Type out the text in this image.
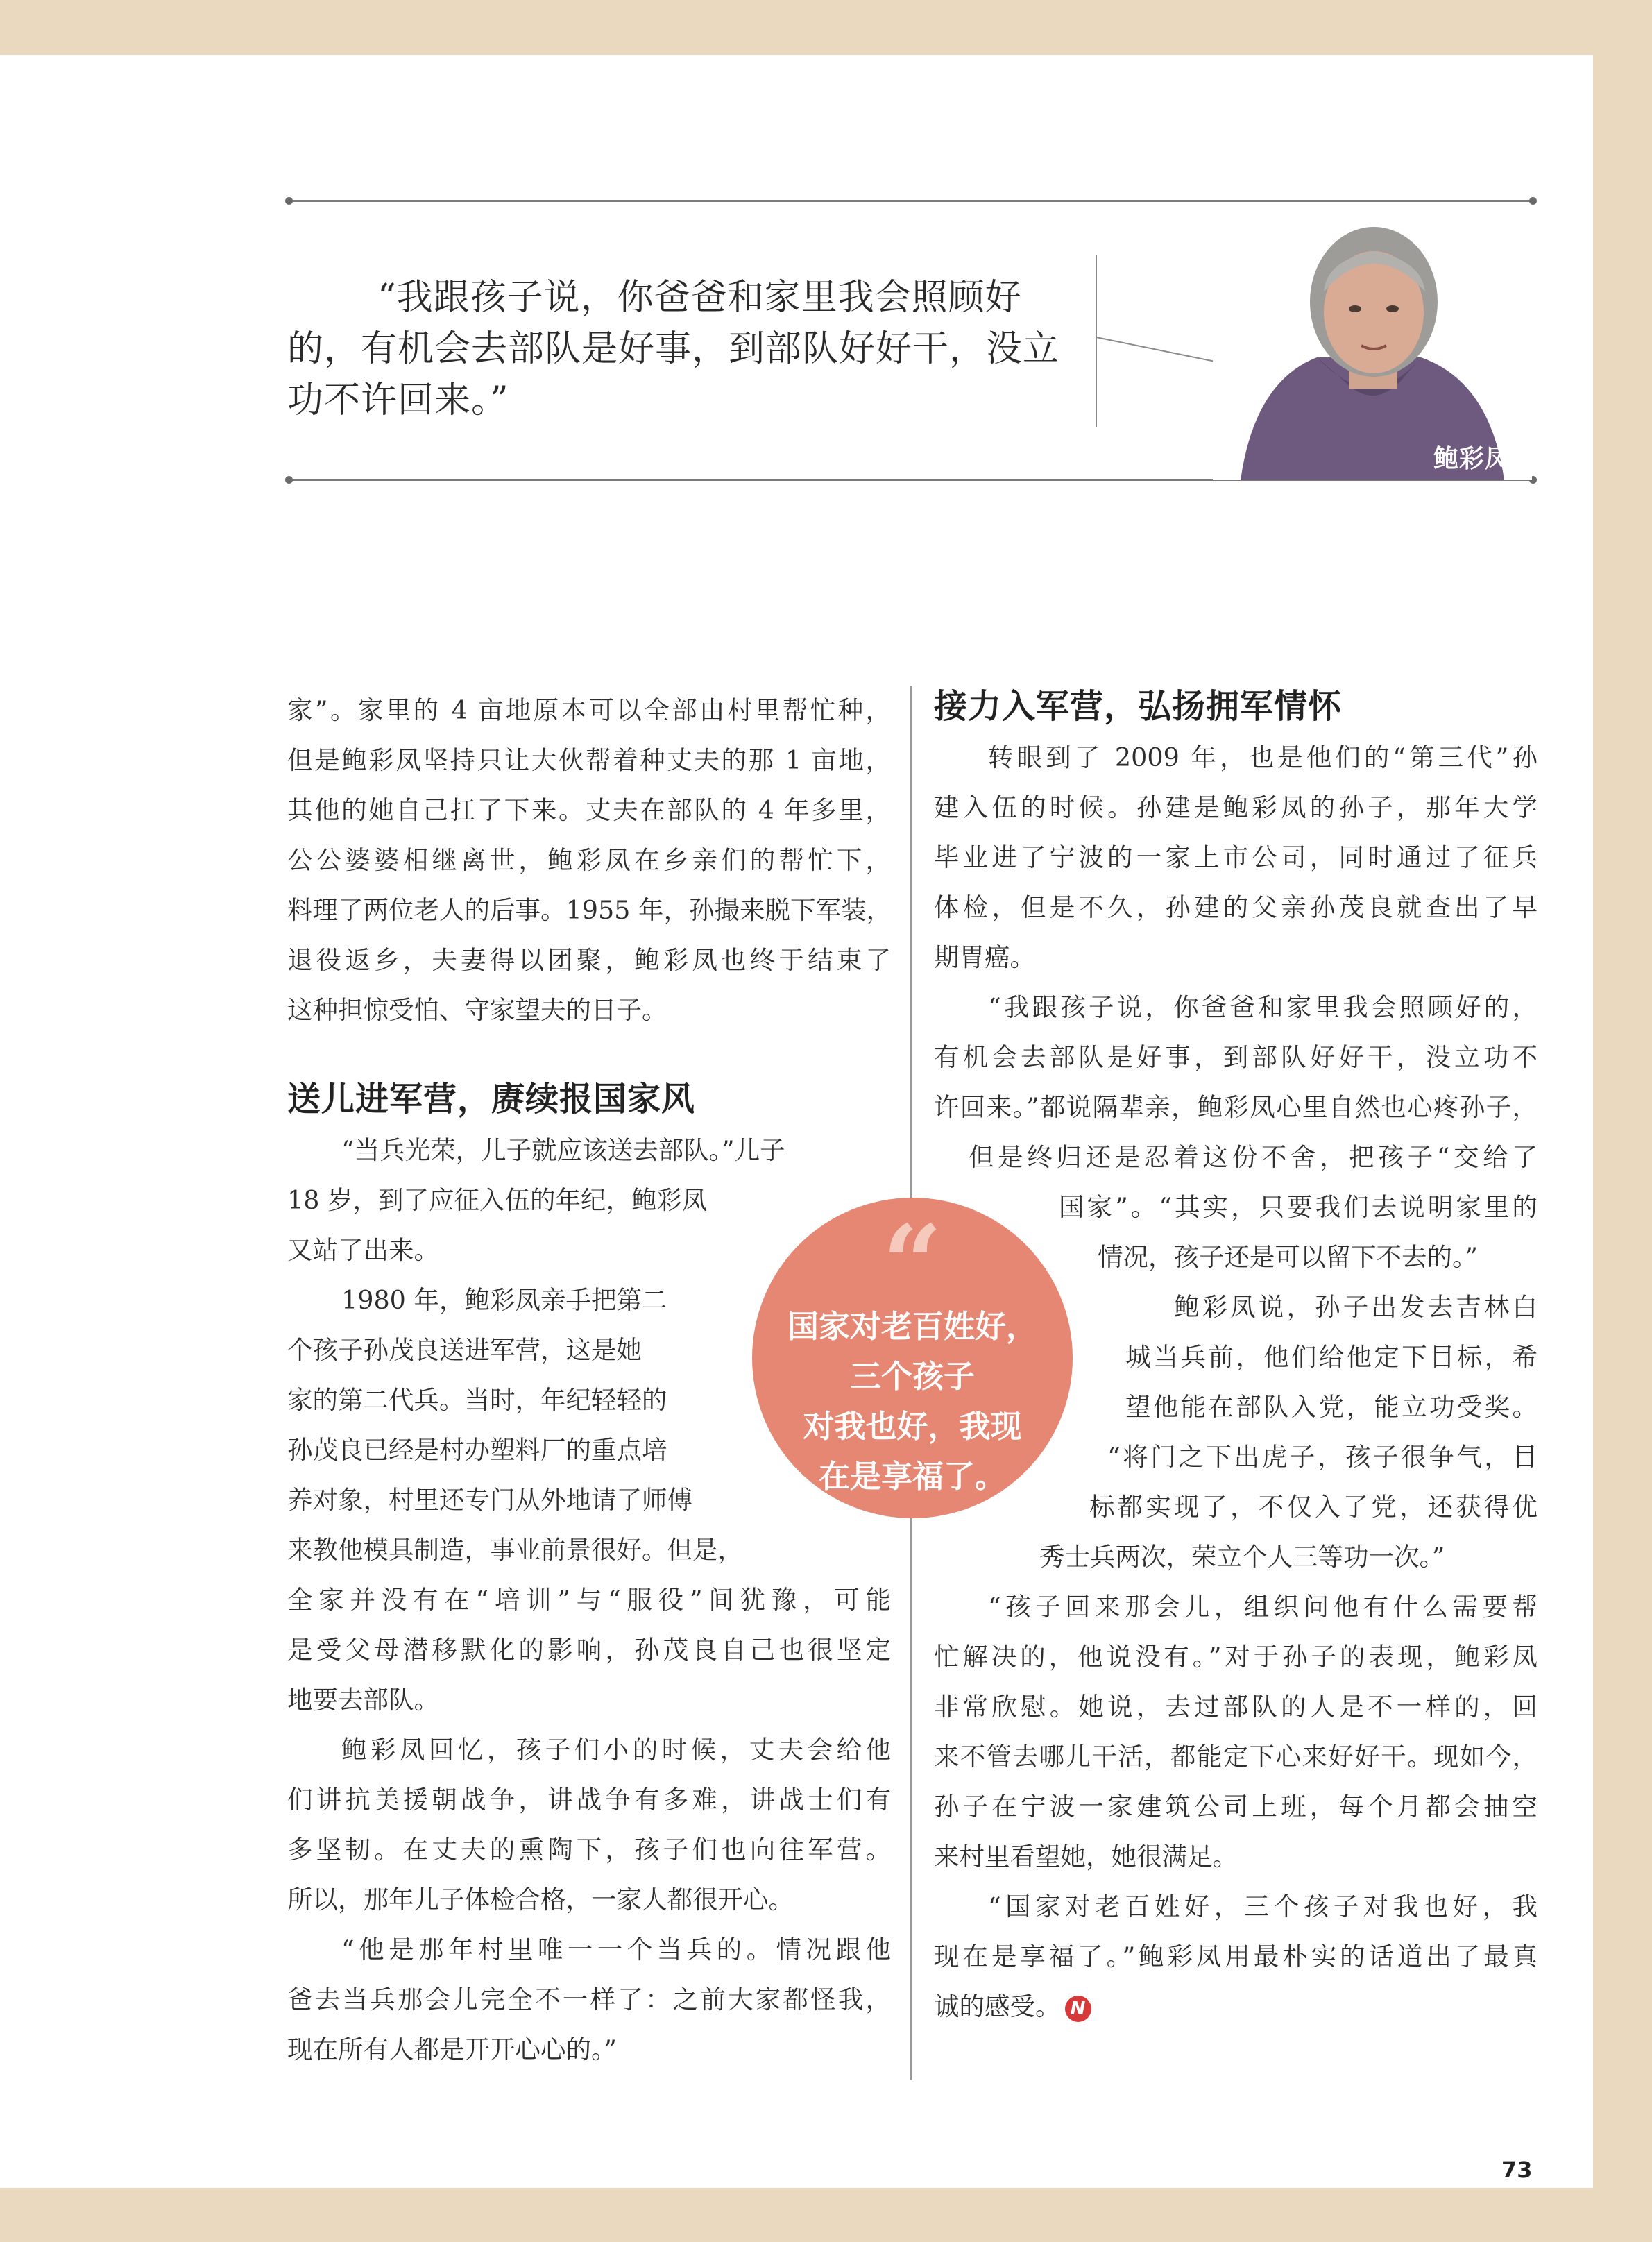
“我跟孩子说，你爸爸和家里我会照顾好的，有机会去部队是好事，到部队好好干，没立功不许回来。”
鲍彩凤
家”。家里的 4 亩地原本可以全部由村里帮忙种，
但是鲍彩凤坚持只让大伙帮着种丈夫的那 1 亩地，
其他的她自己扛了下来。丈夫在部队的 4 年多里，
公公婆婆相继离世，鲍彩凤在乡亲们的帮忙下，
料理了两位老人的后事。1955 年，孙撮来脱下军装，
退役返乡，夫妻得以团聚，鲍彩凤也终于结束了
这种担惊受怕、守家望夫的日子。
送儿进军营，赓续报国家风
“当兵光荣，儿子就应该送去部队。”儿子
18 岁，到了应征入伍的年纪，鲍彩凤
又站了出来。
1980 年，鲍彩凤亲手把第二
个孩子孙茂良送进军营，这是她
家的第二代兵。当时，年纪轻轻的
孙茂良已经是村办塑料厂的重点培
养对象，村里还专门从外地请了师傅
来教他模具制造，事业前景很好。但是，
全家并没有在“培训”与“服役”间犹豫，可能
是受父母潜移默化的影响，孙茂良自己也很坚定
地要去部队。
鲍彩凤回忆，孩子们小的时候，丈夫会给他
们讲抗美援朝战争，讲战争有多难，讲战士们有
多坚韧。在丈夫的熏陶下，孩子们也向往军营。
所以，那年儿子体检合格，一家人都很开心。
“他是那年村里唯一一个当兵的。情况跟他
爸去当兵那会儿完全不一样了：之前大家都怪我，
现在所有人都是开开心心的。”
接力入军营，弘扬拥军情怀
转眼到了 2009 年，也是他们的“第三代”孙
建入伍的时候。孙建是鲍彩凤的孙子，那年大学
毕业进了宁波的一家上市公司，同时通过了征兵
体检，但是不久，孙建的父亲孙茂良就查出了早
期胃癌。
“我跟孩子说，你爸爸和家里我会照顾好的，
有机会去部队是好事，到部队好好干，没立功不
许回来。”都说隔辈亲，鲍彩凤心里自然也心疼孙子，
但是终归还是忍着这份不舍，把孩子“交给了
国家”。“其实，只要我们去说明家里的
情况，孩子还是可以留下不去的。”
鲍彩凤说，孙子出发去吉林白
城当兵前，他们给他定下目标，希
望他能在部队入党，能立功受奖。
“将门之下出虎子，孩子很争气，目
标都实现了，不仅入了党，还获得优
秀士兵两次，荣立个人三等功一次。”
“孩子回来那会儿，组织问他有什么需要帮
忙解决的，他说没有。”对于孙子的表现，鲍彩凤
非常欣慰。她说，去过部队的人是不一样的，回
来不管去哪儿干活，都能定下心来好好干。现如今，
孙子在宁波一家建筑公司上班，每个月都会抽空
来村里看望她，她很满足。
“国家对老百姓好，三个孩子对我也好，我
现在是享福了。”鲍彩凤用最朴实的话道出了最真
诚的感受。 N
“
国家对老百姓好，
三个孩子
对我也好，我现
在是享福了。
73
